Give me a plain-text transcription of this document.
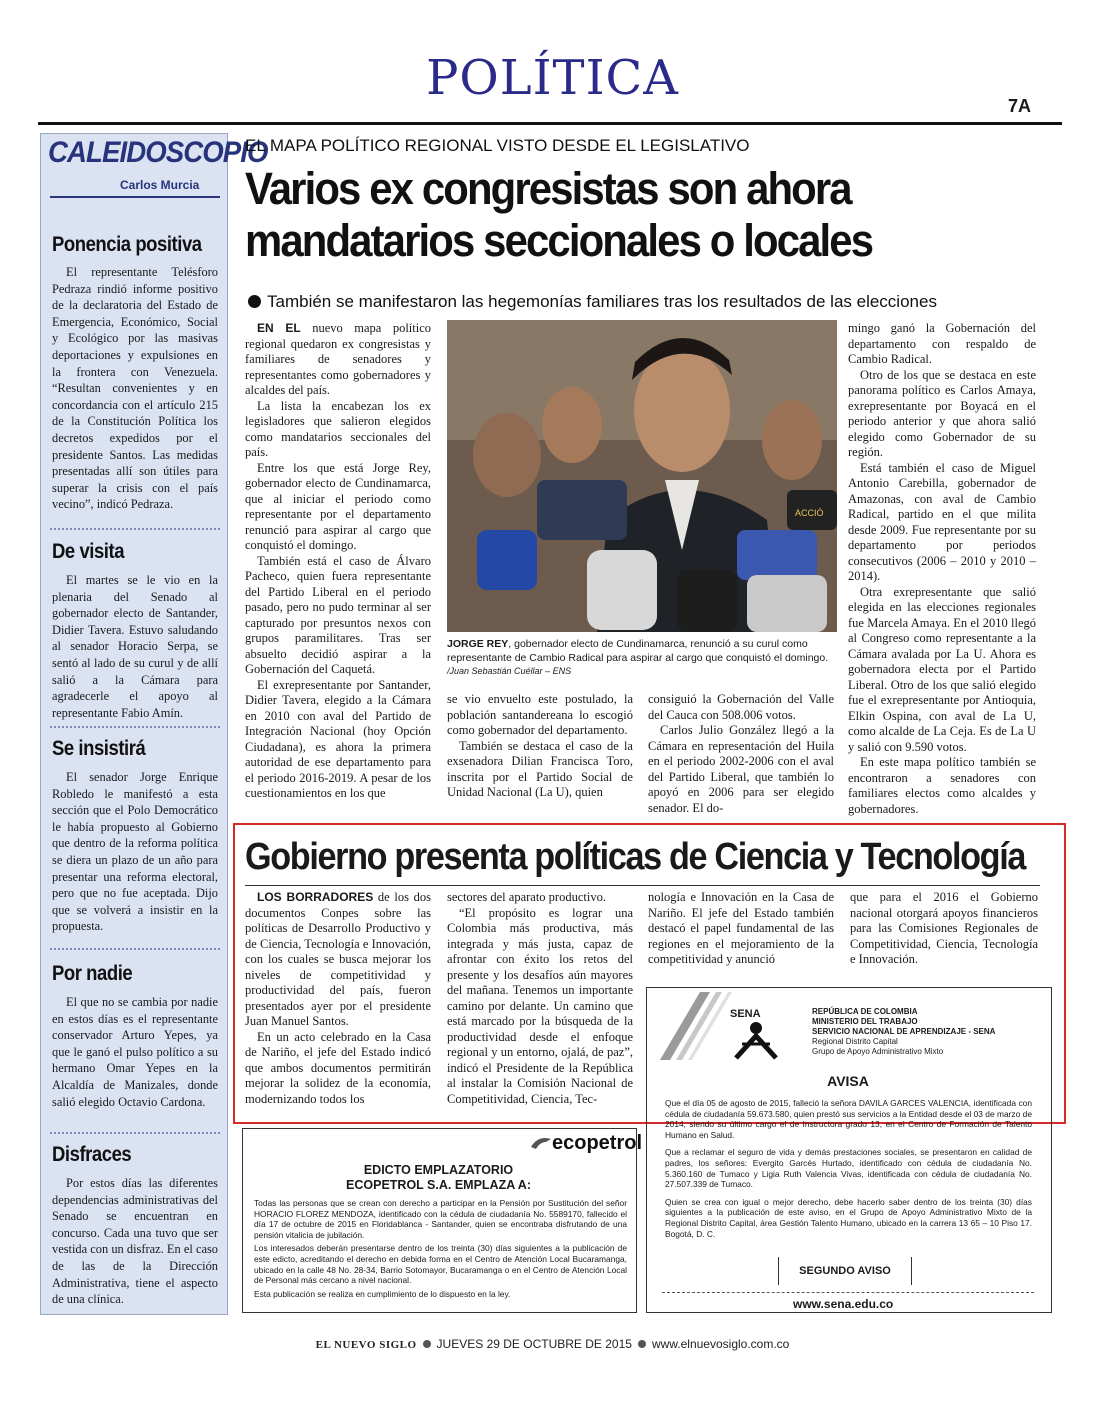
POLÍTICA	7A
CALEIDOSCOPIO
Carlos Murcia
Ponencia positiva
El representante Telésforo Pedraza rindió informe positivo de la declaratoria del Estado de Emergencia, Económico, Social y Ecológico por las masivas deportaciones y expulsiones en la frontera con Venezuela. “Resultan convenientes y en concordancia con el artículo 215 de la Constitución Política los decretos expedidos por el presidente Santos. Las medidas presentadas allí son útiles para superar la crisis con el país vecino”, indicó Pedraza.
De visita
El martes se le vio en la plenaria del Senado al gobernador electo de Santander, Didier Tavera. Estuvo saludando al senador Horacio Serpa, se sentó al lado de su curul y de allí salió a la Cámara para agradecerle el apoyo al representante Fabio Amín.
Se insistirá
El senador Jorge Enrique Robledo le manifestó a esta sección que el Polo Democrático le había propuesto al Gobierno que dentro de la reforma política se diera un plazo de un año para presentar una reforma electoral, pero que no fue aceptada. Dijo que se volverá a insistir en la propuesta.
Por nadie
El que no se cambia por nadie en estos días es el representante conservador Arturo Yepes, ya que le ganó el pulso político a su hermano Omar Yepes en la Alcaldía de Manizales, donde salió elegido Octavio Cardona.
Disfraces
Por estos días las diferentes dependencias administrativas del Senado se encuentran en concurso. Cada una tuvo que ser vestida con un disfraz. En el caso de las de la Dirección Administrativa, tiene el aspecto de una clínica.
EL MAPA POLÍTICO REGIONAL VISTO DESDE EL LEGISLATIVO
Varios ex congresistas son ahora mandatarios seccionales o locales
También se manifestaron las hegemonías familiares tras los resultados de las elecciones

EN EL nuevo mapa político regional quedaron ex congresistas y familiares de senadores y representantes como gobernadores y alcaldes del país.

La lista la encabezan los ex legisladores que salieron elegidos como mandatarios seccionales del país.

Entre los que está Jorge Rey, gobernador electo de Cundinamarca, que al iniciar el periodo como representante por el departamento renunció para aspirar al cargo que conquistó el domingo.

También está el caso de Álvaro Pacheco, quien fuera representante del Partido Liberal en el periodo pasado, pero no pudo terminar al ser capturado por presuntos nexos con grupos paramilitares. Tras ser absuelto decidió aspirar a la Gobernación del Caquetá.

El exrepresentante por Santander, Didier Tavera, elegido a la Cámara en 2010 con aval del Partido de Integración Nacional (hoy Opción Ciudadana), es ahora la primera autoridad de ese departamento para el periodo 2016-2019. A pesar de los cuestionamientos en los que

ACCIÓ
JORGE REY, gobernador electo de Cundinamarca, renunció a su curul como representante de Cambio Radical para aspirar al cargo que conquistó el domingo. /Juan Sebastián Cuéllar – ENS

se vio envuelto este postulado, la población santandereana lo escogió como gobernador del departamento.

También se destaca el caso de la exsenadora Dilian Francisca Toro, inscrita por el Partido Social de Unidad Nacional (La U), quien

consiguió la Gobernación del Valle del Cauca con 508.006 votos.

Carlos Julio González llegó a la Cámara en representación del Huila en el periodo 2002-2006 con el aval del Partido Liberal, que también lo apoyó en 2006 para ser elegido senador. El do-

mingo ganó la Gobernación del departamento con respaldo de Cambio Radical.

Otro de los que se destaca en este panorama político es Carlos Amaya, exrepresentante por Boyacá en el periodo anterior y que ahora salió elegido como Gobernador de su región.

Está también el caso de Miguel Antonio Carebilla, gobernador de Amazonas, con aval de Cambio Radical, partido en el que milita desde 2009. Fue representante por su departamento por periodos consecutivos (2006 – 2010 y 2010 – 2014).

Otra exrepresentante que salió elegida en las elecciones regionales fue Marcela Amaya. En el 2010 llegó al Congreso como representante a la Cámara avalada por La U. Ahora es gobernadora electa por el Partido Liberal. Otro de los que salió elegido fue el exrepresentante por Antioquia, Elkin Ospina, con aval de La U, como alcalde de La Ceja. Es de La U y salió con 9.590 votos.

En este mapa político también se encontraron a senadores con familiares electos como alcaldes y gobernadores.

Gobierno presenta políticas de Ciencia y Tecnología

LOS BORRADORES de los dos documentos Conpes sobre las políticas de Desarrollo Productivo y de Ciencia, Tecnología e Innovación, con los cuales se busca mejorar los niveles de competitividad y productividad del país, fueron presentados ayer por el presidente Juan Manuel Santos.

En un acto celebrado en la Casa de Nariño, el jefe del Estado indicó que ambos documentos permitirán mejorar la solidez de la economía, modernizando todos los

sectores del aparato productivo.

“El propósito es lograr una Colombia más productiva, más integrada y más justa, capaz de afrontar con éxito los retos del presente y los desafíos aún mayores del mañana. Tenemos un importante camino por delante. Un camino que está marcado por la búsqueda de la productividad desde el enfoque regional y un entorno, ojalá, de paz”, indicó el Presidente de la República al instalar la Comisión Nacional de Competitividad, Ciencia, Tec-

nología e Innovación en la Casa de Nariño. El jefe del Estado también destacó el papel fundamental de las regiones en el mejoramiento de la competitividad y anunció

que para el 2016 el Gobierno nacional otorgará apoyos financieros para las Comisiones Regionales de Competitividad, Ciencia, Tecnología e Innovación.

ecopetrol
EDICTO EMPLAZATORIO
ECOPETROL S.A. EMPLAZA A:

Todas las personas que se crean con derecho a participar en la Pensión por Sustitución del señor HORACIO FLOREZ MENDOZA, identificado con la cédula de ciudadanía No. 5589170, fallecido el día 17 de octubre de 2015 en Floridablanca - Santander, quien se encontraba disfrutando de una pensión vitalicia de jubilación.

Los interesados deberán presentarse dentro de los treinta (30) días siguientes a la publicación de este edicto, acreditando el derecho en debida forma en el Centro de Atención Local Bucaramanga, ubicado en la calle 48 No. 28-34, Barrio Sotomayor, Bucaramanga o en el Centro de Atención Local de Personal más cercano a nivel nacional.

Esta publicación se realiza en cumplimiento de lo dispuesto en la ley.

SENA	REPÚBLICA DE COLOMBIA
MINISTERIO DEL TRABAJO
SERVICIO NACIONAL DE APRENDIZAJE - SENA
Regional Distrito Capital
Grupo de Apoyo Administrativo Mixto
AVISA

Que el día 05 de agosto de 2015, falleció la señora DAVILA GARCES VALENCIA, identificada con cédula de ciudadanía 59.673.580, quien prestó sus servicios a la Entidad desde el 03 de marzo de 2014, siendo su último cargo el de Instructora grado 13, en el Centro de Formación de Talento Humano en Salud.

Que a reclamar el seguro de vida y demás prestaciones sociales, se presentaron en calidad de padres, los señores: Evergito Garcés Hurtado, identificado con cédula de ciudadanía No. 5.360.160 de Tumaco y Ligia Ruth Valencia Vivas, identificada con cédula de ciudadanía No. 27.507.339 de Tumaco.

Quien se crea con igual o mejor derecho, debe hacerlo saber dentro de los treinta (30) días siguientes a la publicación de este aviso, en el Grupo de Apoyo Administrativo Mixto de la Regional Distrito Capital, área Gestión Talento Humano, ubicado en la carrera 13 65 – 10 Piso 17. Bogotá, D. C.

SEGUNDO AVISO
www.sena.edu.co
EL NUEVO SIGLO JUEVES 29 DE OCTUBRE DE 2015 www.elnuevosiglo.com.co
